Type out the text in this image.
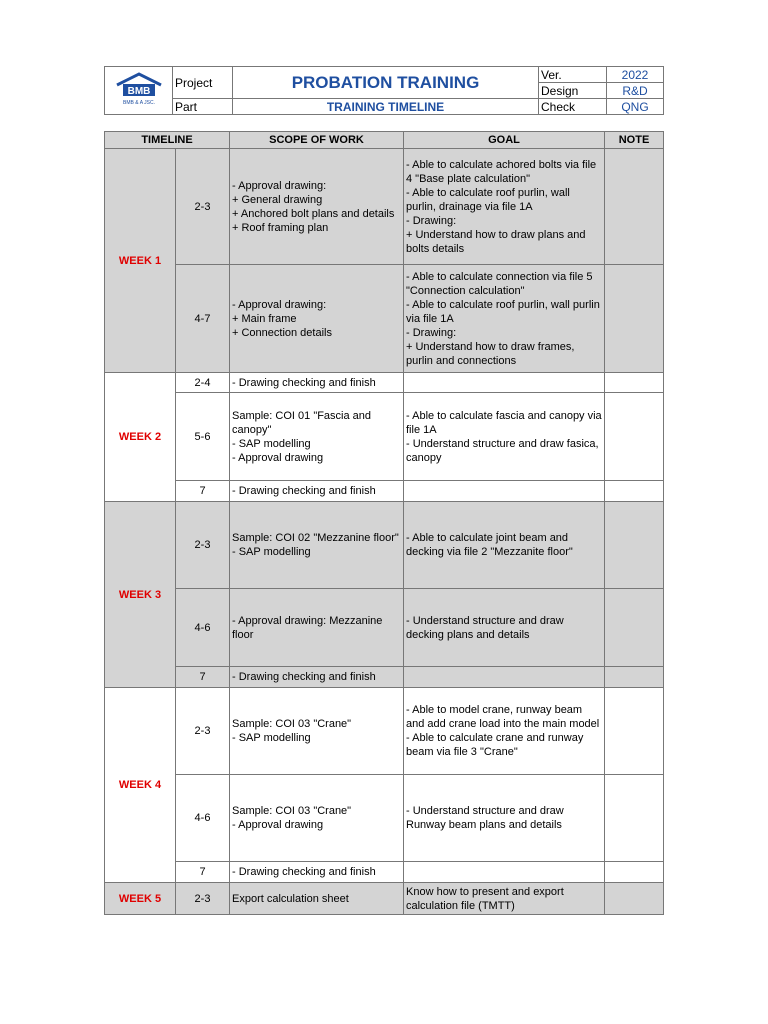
BMB
BMB & A JSC.	Project	PROBATION TRAINING	Ver.	2022
			Design	R&D
	Part	TRAINING TIMELINE	Check	QNG
TIMELINE		SCOPE OF WORK	GOAL	NOTE
WEEK 1	2-3	- Approval drawing:
+ General drawing
+ Anchored bolt plans and details
+ Roof framing plan	- Able to calculate achored bolts via file 4 "Base plate calculation"
- Able to calculate roof purlin, wall purlin, drainage via file 1A
- Drawing:
+ Understand how to draw plans and bolts details	
	4-7	- Approval drawing:
+ Main frame
+ Connection details	- Able to calculate connection via file 5 "Connection calculation"
- Able to calculate roof purlin, wall purlin via file 1A
- Drawing:
+ Understand how to draw frames, purlin and connections	
WEEK 2	2-4	- Drawing checking and finish		
	5-6	Sample: COI 01 "Fascia and canopy"
- SAP modelling
- Approval drawing	- Able to calculate fascia and canopy via file 1A
- Understand structure and draw fasica, canopy	
	7	- Drawing checking and finish		
WEEK 3	2-3	Sample: COI 02 "Mezzanine floor"
- SAP modelling	- Able to calculate joint beam and decking via file 2 "Mezzanite floor"	
	4-6	- Approval drawing: Mezzanine floor	- Understand structure and draw decking plans and details	
	7	- Drawing checking and finish		
WEEK 4	2-3	Sample: COI 03 "Crane"
- SAP modelling	- Able to model crane, runway beam and add crane load into the main model
- Able to calculate crane and runway beam via file 3 "Crane"	
	4-6	Sample: COI 03 "Crane"
- Approval drawing	- Understand structure and draw Runway beam plans and details	
	7	- Drawing checking and finish		
WEEK 5	2-3	Export calculation sheet	Know how to present and export calculation file (TMTT)	
